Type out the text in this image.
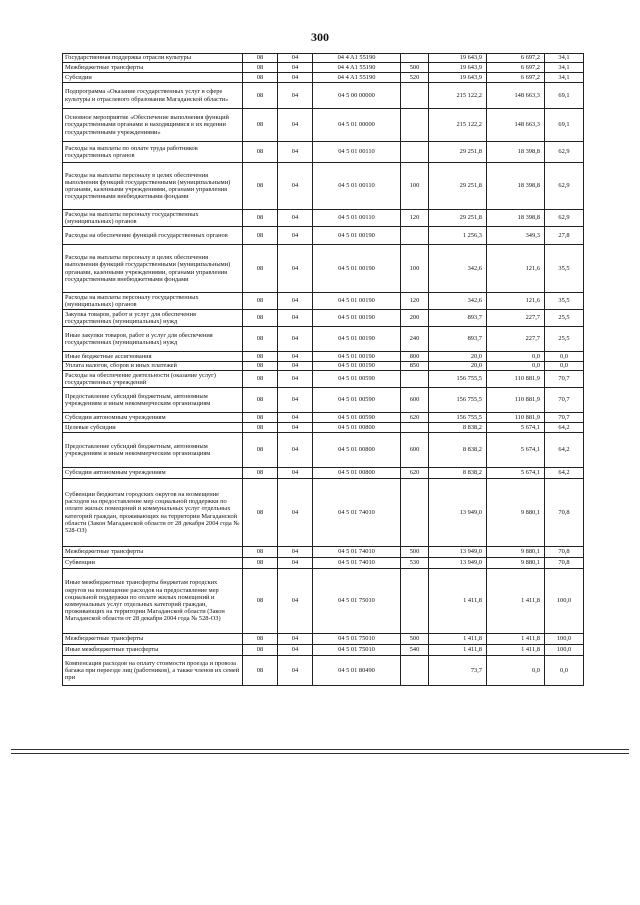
300
Государственная поддержка отрасли культуры	08	04	04 4 A1 55190		19 643,9	6 697,2	34,1
Межбюджетные трансферты	08	04	04 4 A1 55190	500	19 643,9	6 697,2	34,1
Субсидии	08	04	04 4 A1 55190	520	19 643,9	6 697,2	34,1
Подпрограмма «Оказание государственных услуг в сфере культуры и отраслевого образования Магаданской области»	08	04	04 5 00 00000		215 122,2	148 663,3	69,1
Основное мероприятие «Обеспечение выполнения функций государственными органами и находящимися в их ведении государственными учреждениями»	08	04	04 5 01 00000		215 122,2	148 663,3	69,1
Расходы на выплаты по оплате труда работников государственных органов	08	04	04 5 01 00110		29 251,8	18 398,8	62,9
Расходы на выплаты персоналу в целях обеспечения выполнения функций государственными (муниципальными) органами, казенными учреждениями, органами управления государственными внебюджетными фондами	08	04	04 5 01 00110	100	29 251,8	18 398,8	62,9
Расходы на выплаты персоналу государственных (муниципальных) органов	08	04	04 5 01 00110	120	29 251,8	18 398,8	62,9
Расходы на обеспечение функций государственных органов	08	04	04 5 01 00190		1 256,3	349,3	27,8
Расходы на выплаты персоналу в целях обеспечения выполнения функций государственными (муниципальными) органами, казенными учреждениями, органами управления государственными внебюджетными фондами	08	04	04 5 01 00190	100	342,6	121,6	35,5
Расходы на выплаты персоналу государственных (муниципальных) органов	08	04	04 5 01 00190	120	342,6	121,6	35,5
Закупка товаров, работ и услуг для обеспечения государственных (муниципальных) нужд	08	04	04 5 01 00190	200	893,7	227,7	25,5
Иные закупки товаров, работ и услуг для обеспечения государственных (муниципальных) нужд	08	04	04 5 01 00190	240	893,7	227,7	25,5
Иные бюджетные ассигнования	08	04	04 5 01 00190	800	20,0	0,0	0,0
Уплата налогов, сборов и иных платежей	08	04	04 5 01 00190	850	20,0	0,0	0,0
Расходы на обеспечение деятельности (оказание услуг) государственных учреждений	08	04	04 5 01 00590		156 755,5	110 881,9	70,7
Предоставление субсидий бюджетным, автономным учреждениям и иным некоммерческим организациям	08	04	04 5 01 00590	600	156 755,5	110 881,9	70,7
Субсидии автономным учреждениям	08	04	04 5 01 00590	620	156 755,5	110 881,9	70,7
Целевые субсидии	08	04	04 5 01 00800		8 838,2	5 674,1	64,2
Предоставление субсидий бюджетным, автономным учреждениям и иным некоммерческим организациям	08	04	04 5 01 00800	600	8 838,2	5 674,1	64,2
Субсидии автономным учреждениям	08	04	04 5 01 00800	620	8 838,2	5 674,1	64,2
Субвенции бюджетам городских округов на возмещение расходов на предоставление мер социальной поддержки по оплате жилых помещений и коммунальных услуг отдельных категорий граждан, проживающих на территории Магаданской области (Закон Магаданской области от 28 декабря 2004 года № 528-ОЗ)	08	04	04 5 01 74010		13 949,0	9 880,1	70,8
Межбюджетные трансферты	08	04	04 5 01 74010	500	13 949,0	9 880,1	70,8
Субвенции	08	04	04 5 01 74010	530	13 949,0	9 880,1	70,8
Иные межбюджетные трансферты бюджетам городских округов на возмещение расходов на предоставление мер социальной поддержки по оплате жилых помещений и коммунальных услуг отдельных категорий граждан, проживающих на территории Магаданской области (Закон Магаданской области от 28 декабря 2004 года № 528-ОЗ)	08	04	04 5 01 75010		1 411,8	1 411,8	100,0
Межбюджетные трансферты	08	04	04 5 01 75010	500	1 411,8	1 411,8	100,0
Иные межбюджетные трансферты	08	04	04 5 01 75010	540	1 411,8	1 411,8	100,0
Компенсация расходов на оплату стоимости проезда и провоза багажа при переезде лиц (работников), а также членов их семей при	08	04	04 5 01 80490		73,7	0,0	0,0
